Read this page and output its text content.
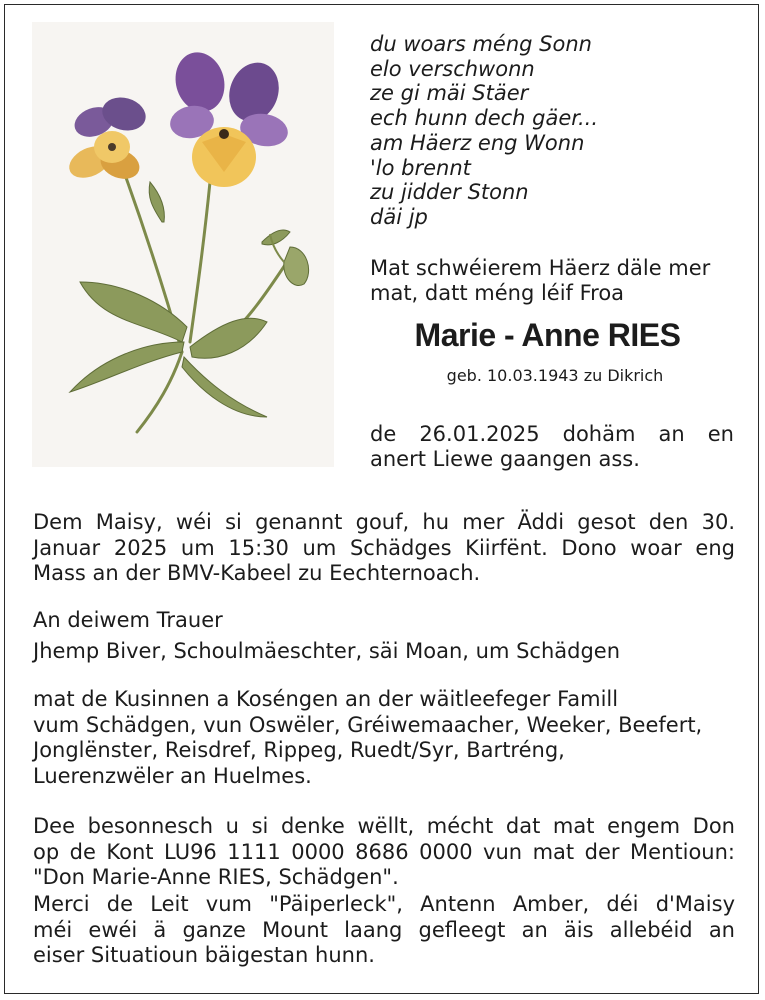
du woars méng Sonn
elo verschwonn
ze gi mäi Stäer
ech hunn dech gäer...
am Häerz eng Wonn
'lo brennt
zu jidder Stonn
däi jp
Mat schwéierem Häerz däle mer
mat, datt méng léif Froa
Marie - Anne RIES
geb. 10.03.1943 zu Dikrich
de 26.01.2025 dohäm an en
anert Liewe gaangen ass.
Dem Maisy, wéi si genannt gouf, hu mer Äddi gesot den 30.
Januar 2025 um 15:30 um Schädges Kiirfënt. Dono woar eng
Mass an der BMV-Kabeel zu Eechternoach.
An deiwem Trauer
Jhemp Biver, Schoulmäeschter, säi Moan, um Schädgen
mat de Kusinnen a Koséngen an der wäitleefeger Famill
vum Schädgen, vun Oswëler, Gréiwemaacher, Weeker, Beefert,
Jonglënster, Reisdref, Rippeg, Ruedt/Syr, Bartréng,
Luerenzwëler an Huelmes.
Dee besonnesch u si denke wëllt, mécht dat mat engem Don
op de Kont LU96 1111 0000 8686 0000 vun mat der Mentioun:
"Don Marie-Anne RIES, Schädgen".
Merci de Leit vum "Päiperleck", Antenn Amber, déi d'Maisy
méi ewéi ä ganze Mount laang gefleegt an äis allebéid an
eiser Situatioun bäigestan hunn.
